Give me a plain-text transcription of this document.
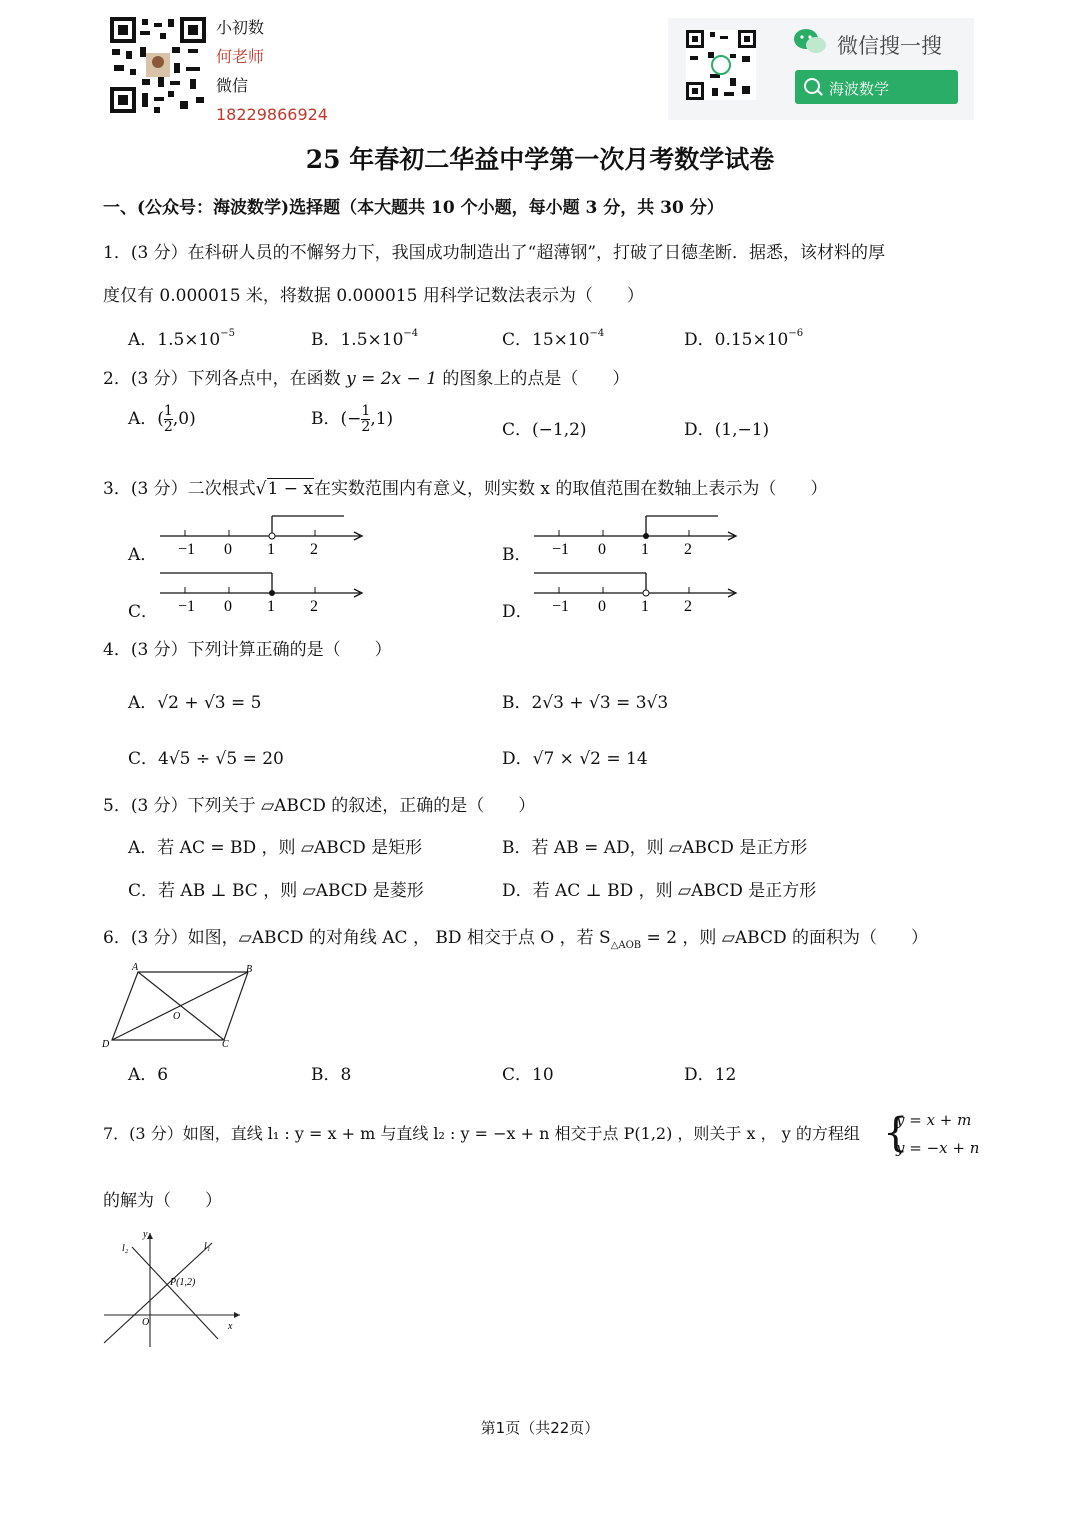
小初数
何老师
微信
18229866924
微信搜一搜
海波数学
25 年春初二华益中学第一次月考数学试卷
一、(公众号：海波数学)选择题（本大题共 10 个小题，每小题 3 分，共 30 分）
1．(3 分）在科研人员的不懈努力下，我国成功制造出了“超薄钢”，打破了日德垄断．据悉，该材料的厚
度仅有 0.000015 米，将数据 0.000015 用科学记数法表示为（　　）
A．$1.5\times 10^{-5}$	B．$1.5\times 10^{-4}$	C．$15\times 10^{-4}$	D．$0.15\times 10^{-6}$
2．(3 分）下列各点中，在函数 y = 2x − 1 的图象上的点是（　　）
A．( $\frac{1}{2} ,0$)	B．(− $\frac{1}{2} ,1$)
C．(−1,2)	D．(1,−1)
3．(3 分）二次根式√1 − x在实数范围内有意义，则实数 x 的取值范围在数轴上表示为（　　）
A． −1 0 1 2	B． −1 0 1 2
C． −1 0 1 2	D． −1 0 1 2
4．(3 分）下列计算正确的是（　　）
A．√2 + √3 = 5	B．2√3 + √3 = 3√3
C．4√5 ÷ √5 = 20	D．√7 × √2 = 14
5．(3 分）下列关于 ▱ABCD 的叙述，正确的是（　　）
A．若 AC = BD ，则 ▱ABCD 是矩形	B．若 AB = AD，则 ▱ABCD 是正方形
C．若 AB ⊥ BC ，则 ▱ABCD 是菱形	D．若 AC ⊥ BD ，则 ▱ABCD 是正方形
6．(3 分）如图，▱ABCD 的对角线 AC ， BD 相交于点 O ，若 $S_{\triangle AOB} = 2$ ，则 ▱ABCD 的面积为（　　）
A	B
C
D
O
A．6	B．8	C．10	D．12
7．(3 分）如图，直线 l₁ : y = x + m 与直线 l₂ : y = −x + n 相交于点 P(1,2) ，则关于 x ， y 的方程组 {
y = x + m
y = −x + n
的解为（　　）
y
x
O
l₁
l₂
P(1,2)
第1页（共22页）
